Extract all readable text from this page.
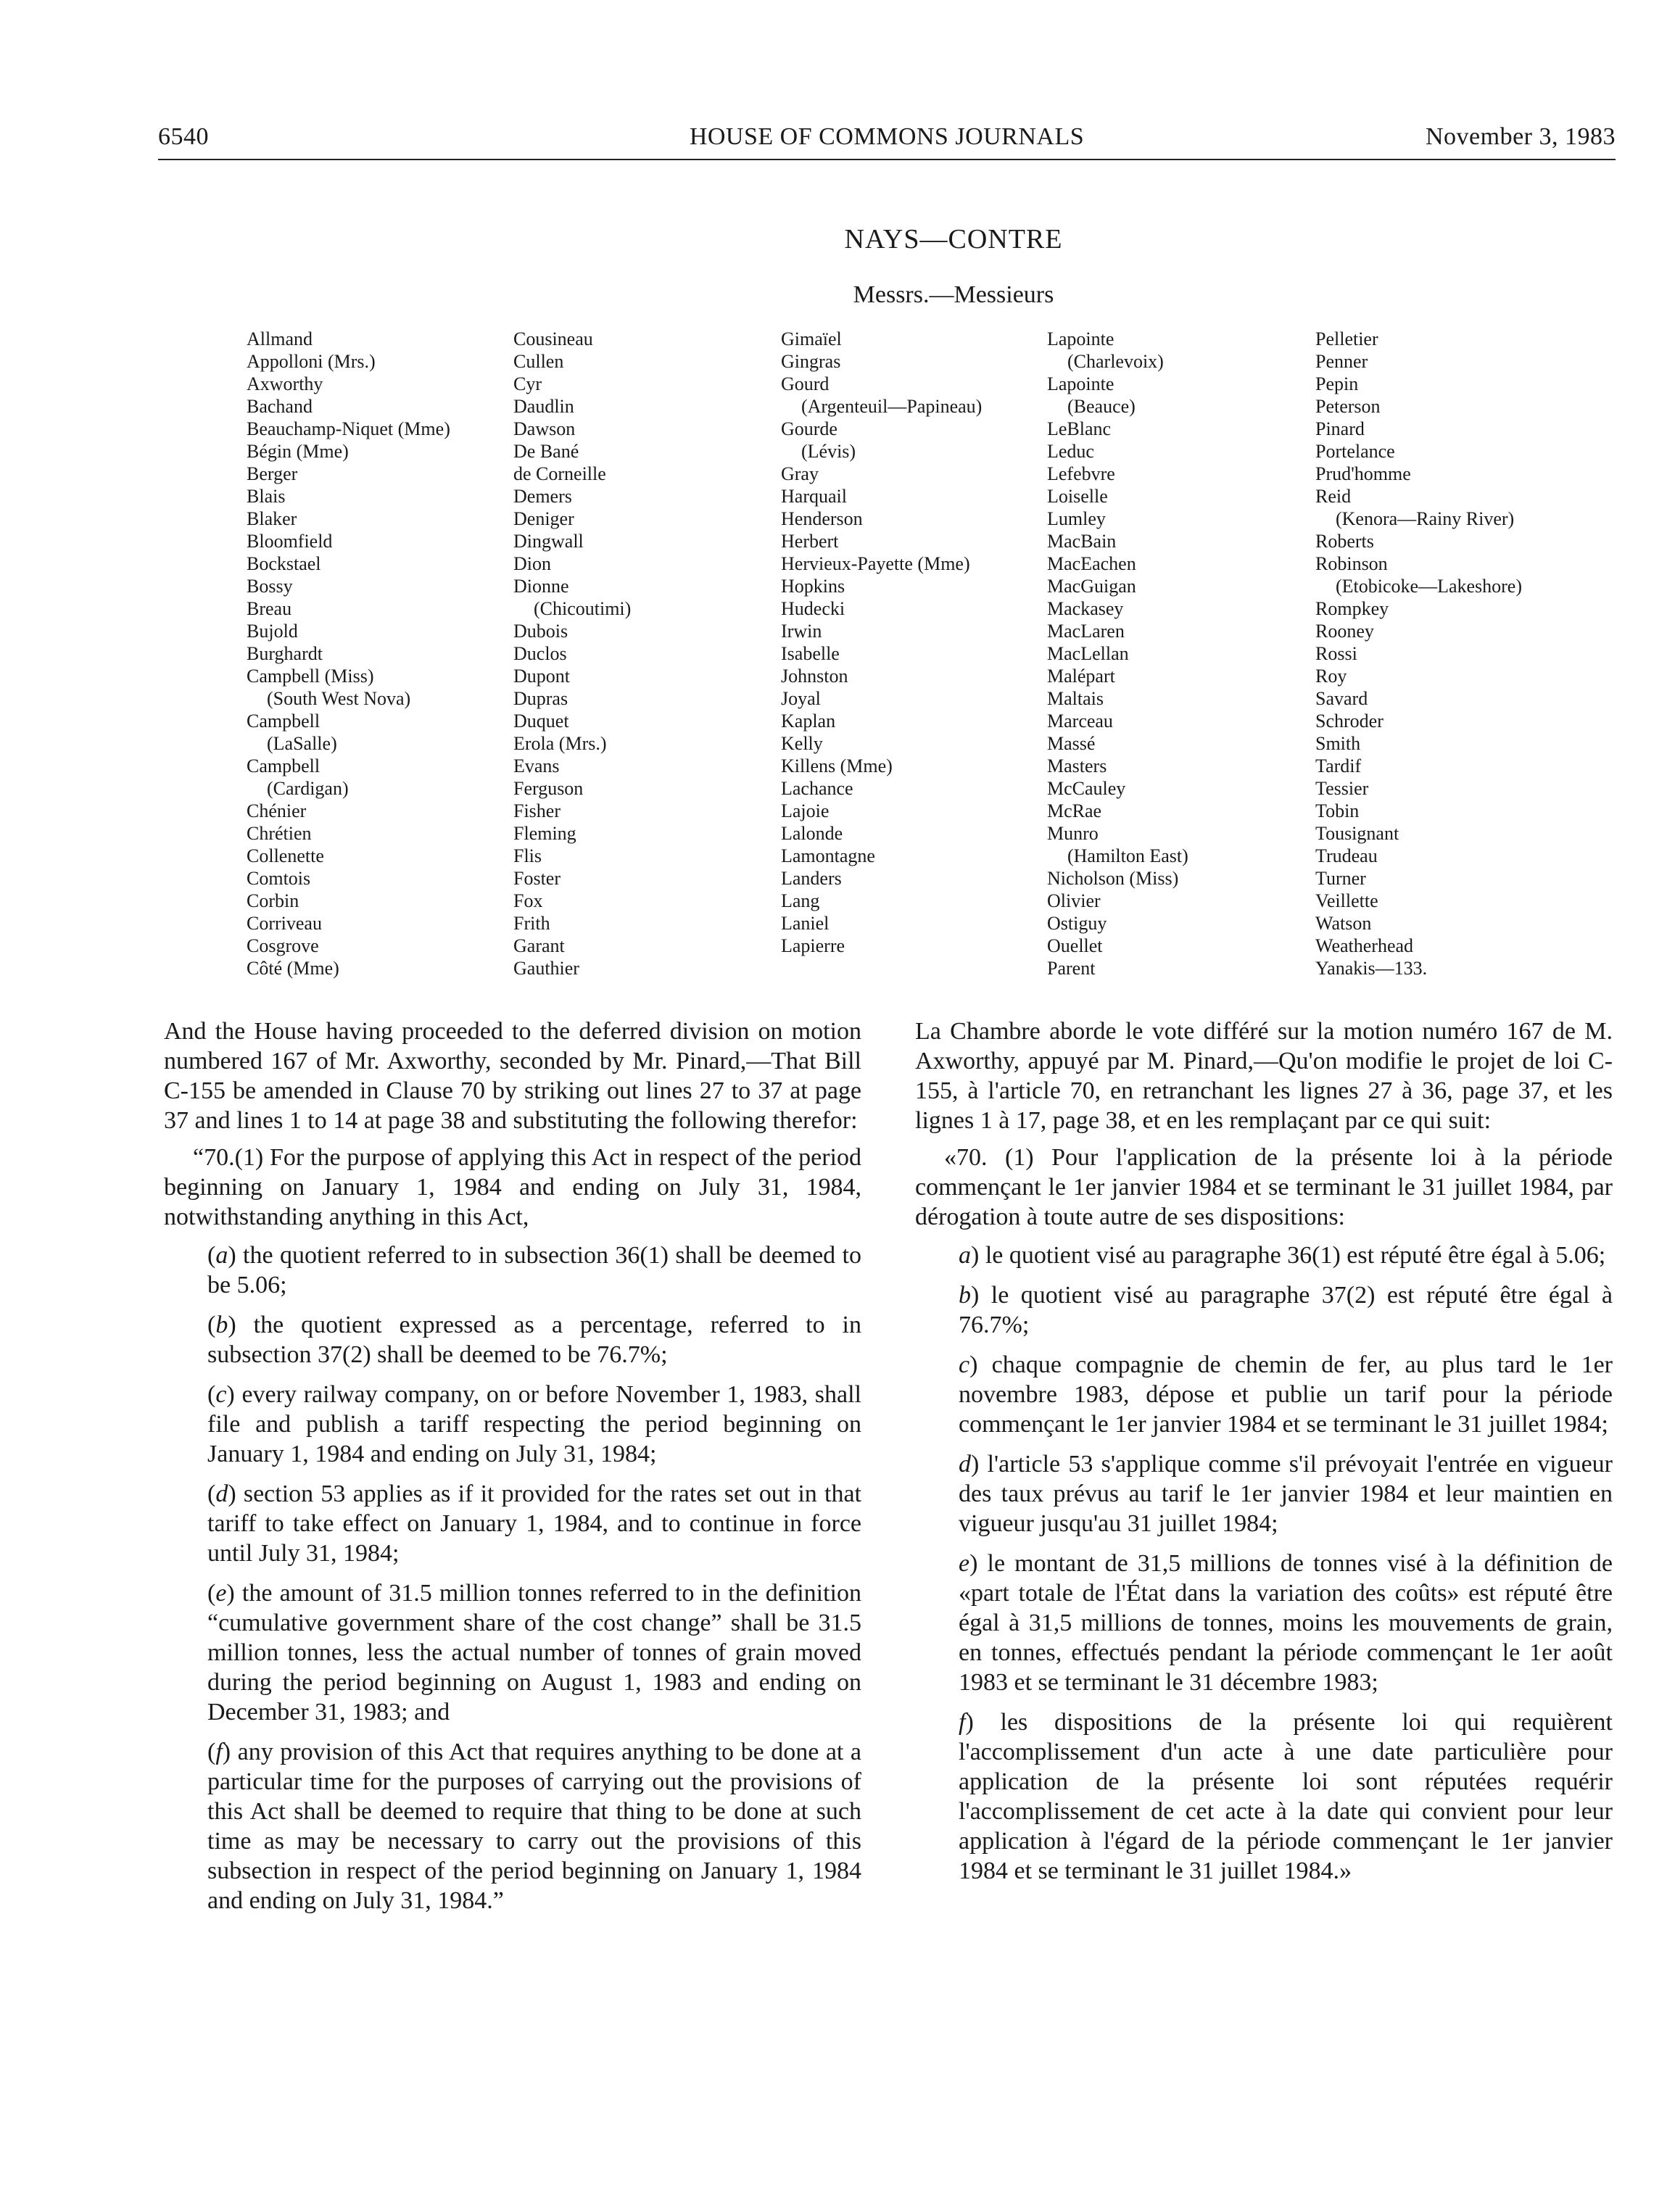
6540	HOUSE OF COMMONS JOURNALS	November 3, 1983
NAYS—CONTRE
Messrs.—Messieurs
Allmand
Appolloni (Mrs.)
Axworthy
Bachand
Beauchamp-Niquet (Mme)
Bégin (Mme)
Berger
Blais
Blaker
Bloomfield
Bockstael
Bossy
Breau
Bujold
Burghardt
Campbell (Miss)
(South West Nova)
Campbell
(LaSalle)
Campbell
(Cardigan)
Chénier
Chrétien
Collenette
Comtois
Corbin
Corriveau
Cosgrove
Côté (Mme)
Cousineau
Cullen
Cyr
Daudlin
Dawson
De Bané
de Corneille
Demers
Deniger
Dingwall
Dion
Dionne
(Chicoutimi)
Dubois
Duclos
Dupont
Dupras
Duquet
Erola (Mrs.)
Evans
Ferguson
Fisher
Fleming
Flis
Foster
Fox
Frith
Garant
Gauthier
Gimaïel
Gingras
Gourd
(Argenteuil—Papineau)
Gourde
(Lévis)
Gray
Harquail
Henderson
Herbert
Hervieux-Payette (Mme)
Hopkins
Hudecki
Irwin
Isabelle
Johnston
Joyal
Kaplan
Kelly
Killens (Mme)
Lachance
Lajoie
Lalonde
Lamontagne
Landers
Lang
Laniel
Lapierre
Lapointe
(Charlevoix)
Lapointe
(Beauce)
LeBlanc
Leduc
Lefebvre
Loiselle
Lumley
MacBain
MacEachen
MacGuigan
Mackasey
MacLaren
MacLellan
Malépart
Maltais
Marceau
Massé
Masters
McCauley
McRae
Munro
(Hamilton East)
Nicholson (Miss)
Olivier
Ostiguy
Ouellet
Parent
Pelletier
Penner
Pepin
Peterson
Pinard
Portelance
Prud'homme
Reid
(Kenora—Rainy River)
Roberts
Robinson
(Etobicoke—Lakeshore)
Rompkey
Rooney
Rossi
Roy
Savard
Schroder
Smith
Tardif
Tessier
Tobin
Tousignant
Trudeau
Turner
Veillette
Watson
Weatherhead
Yanakis—133.

And the House having proceeded to the deferred division on motion numbered 167 of Mr. Axworthy, seconded by Mr. Pinard,—That Bill C-155 be amended in Clause 70 by striking out lines 27 to 37 at page 37 and lines 1 to 14 at page 38 and substituting the following therefor:

“70.(1) For the purpose of applying this Act in respect of the period beginning on January 1, 1984 and ending on July 31, 1984, notwithstanding anything in this Act,

(a) the quotient referred to in subsection 36(1) shall be deemed to be 5.06;

(b) the quotient expressed as a percentage, referred to in subsection 37(2) shall be deemed to be 76.7%;

(c) every railway company, on or before November 1, 1983, shall file and publish a tariff respecting the period beginning on January 1, 1984 and ending on July 31, 1984;

(d) section 53 applies as if it provided for the rates set out in that tariff to take effect on January 1, 1984, and to continue in force until July 31, 1984;

(e) the amount of 31.5 million tonnes referred to in the definition “cumulative government share of the cost change” shall be 31.5 million tonnes, less the actual number of tonnes of grain moved during the period beginning on August 1, 1983 and ending on December 31, 1983; and

(f) any provision of this Act that requires anything to be done at a particular time for the purposes of carrying out the provisions of this Act shall be deemed to require that thing to be done at such time as may be necessary to carry out the provisions of this subsection in respect of the period beginning on January 1, 1984 and ending on July 31, 1984.”

La Chambre aborde le vote différé sur la motion numéro 167 de M. Axworthy, appuyé par M. Pinard,—Qu'on modifie le projet de loi C-155, à l'article 70, en retranchant les lignes 27 à 36, page 37, et les lignes 1 à 17, page 38, et en les remplaçant par ce qui suit:

«70. (1) Pour l'application de la présente loi à la période commençant le 1er janvier 1984 et se terminant le 31 juillet 1984, par dérogation à toute autre de ses dispositions:

a) le quotient visé au paragraphe 36(1) est réputé être égal à 5.06;

b) le quotient visé au paragraphe 37(2) est réputé être égal à 76.7%;

c) chaque compagnie de chemin de fer, au plus tard le 1er novembre 1983, dépose et publie un tarif pour la période commençant le 1er janvier 1984 et se terminant le 31 juillet 1984;

d) l'article 53 s'applique comme s'il prévoyait l'entrée en vigueur des taux prévus au tarif le 1er janvier 1984 et leur maintien en vigueur jusqu'au 31 juillet 1984;

e) le montant de 31,5 millions de tonnes visé à la définition de «part totale de l'État dans la variation des coûts» est réputé être égal à 31,5 millions de tonnes, moins les mouvements de grain, en tonnes, effectués pendant la période commençant le 1er août 1983 et se terminant le 31 décembre 1983;

f) les dispositions de la présente loi qui requièrent l'accomplissement d'un acte à une date particulière pour application de la présente loi sont réputées requérir l'accomplissement de cet acte à la date qui convient pour leur application à l'égard de la période commençant le 1er janvier 1984 et se terminant le 31 juillet 1984.»
